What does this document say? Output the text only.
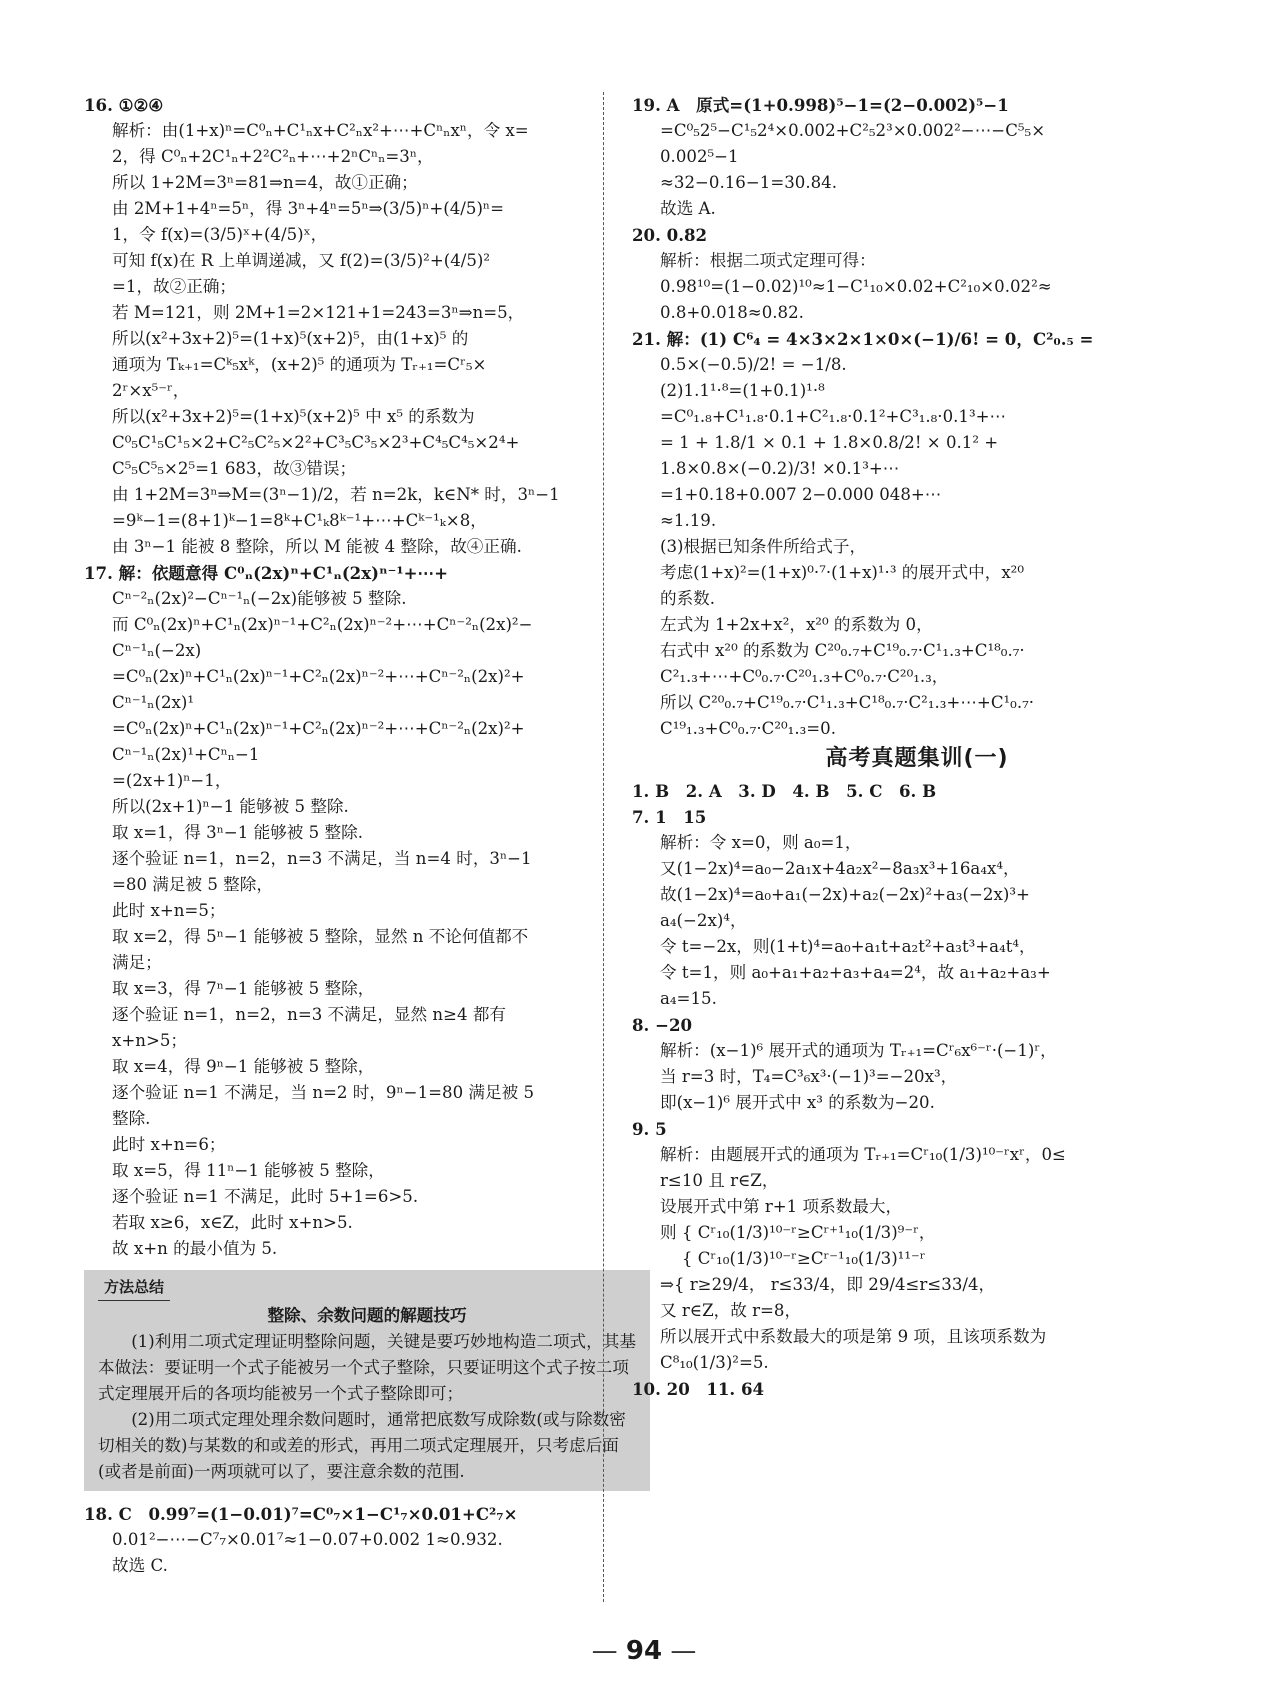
16. ①②④
解析：由(1+x)ⁿ=C⁰ₙ+C¹ₙx+C²ₙx²+⋯+Cⁿₙxⁿ，令 x=
2，得 C⁰ₙ+2C¹ₙ+2²C²ₙ+⋯+2ⁿCⁿₙ=3ⁿ，
所以 1+2M=3ⁿ=81⇒n=4，故①正确；
由 2M+1+4ⁿ=5ⁿ，得 3ⁿ+4ⁿ=5ⁿ⇒(3/5)ⁿ+(4/5)ⁿ=
1，令 f(x)=(3/5)ˣ+(4/5)ˣ，
可知 f(x)在 R 上单调递减，又 f(2)=(3/5)²+(4/5)²
=1，故②正确；
若 M=121，则 2M+1=2×121+1=243=3ⁿ⇒n=5，
所以(x²+3x+2)⁵=(1+x)⁵(x+2)⁵，由(1+x)⁵ 的
通项为 Tₖ₊₁=Cᵏ₅xᵏ，(x+2)⁵ 的通项为 Tᵣ₊₁=Cʳ₅×
2ʳ×x⁵⁻ʳ，
所以(x²+3x+2)⁵=(1+x)⁵(x+2)⁵ 中 x⁵ 的系数为
C⁰₅C¹₅C¹₅×2+C²₅C²₅×2²+C³₅C³₅×2³+C⁴₅C⁴₅×2⁴+
C⁵₅C⁵₅×2⁵=1 683，故③错误；
由 1+2M=3ⁿ⇒M=(3ⁿ−1)/2，若 n=2k，k∈N* 时，3ⁿ−1
=9ᵏ−1=(8+1)ᵏ−1=8ᵏ+C¹ₖ8ᵏ⁻¹+⋯+Cᵏ⁻¹ₖ×8，
由 3ⁿ−1 能被 8 整除，所以 M 能被 4 整除，故④正确.
17. 解：依题意得 C⁰ₙ(2x)ⁿ+C¹ₙ(2x)ⁿ⁻¹+⋯+
Cⁿ⁻²ₙ(2x)²−Cⁿ⁻¹ₙ(−2x)能够被 5 整除.
而 C⁰ₙ(2x)ⁿ+C¹ₙ(2x)ⁿ⁻¹+C²ₙ(2x)ⁿ⁻²+⋯+Cⁿ⁻²ₙ(2x)²−
Cⁿ⁻¹ₙ(−2x)
=C⁰ₙ(2x)ⁿ+C¹ₙ(2x)ⁿ⁻¹+C²ₙ(2x)ⁿ⁻²+⋯+Cⁿ⁻²ₙ(2x)²+
Cⁿ⁻¹ₙ(2x)¹
=C⁰ₙ(2x)ⁿ+C¹ₙ(2x)ⁿ⁻¹+C²ₙ(2x)ⁿ⁻²+⋯+Cⁿ⁻²ₙ(2x)²+
Cⁿ⁻¹ₙ(2x)¹+Cⁿₙ−1
=(2x+1)ⁿ−1，
所以(2x+1)ⁿ−1 能够被 5 整除.
取 x=1，得 3ⁿ−1 能够被 5 整除.
逐个验证 n=1，n=2，n=3 不满足，当 n=4 时，3ⁿ−1
=80 满足被 5 整除，
此时 x+n=5；
取 x=2，得 5ⁿ−1 能够被 5 整除，显然 n 不论何值都不
满足；
取 x=3，得 7ⁿ−1 能够被 5 整除，
逐个验证 n=1，n=2，n=3 不满足，显然 n≥4 都有
x+n>5；
取 x=4，得 9ⁿ−1 能够被 5 整除，
逐个验证 n=1 不满足，当 n=2 时，9ⁿ−1=80 满足被 5
整除.
此时 x+n=6；
取 x=5，得 11ⁿ−1 能够被 5 整除，
逐个验证 n=1 不满足，此时 5+1=6>5.
若取 x≥6，x∈Z，此时 x+n>5.
故 x+n 的最小值为 5.
方法总结
整除、余数问题的解题技巧

(1)利用二项式定理证明整除问题，关键是要巧妙地构造二项式，其基本做法：要证明一个式子能被另一个式子整除，只要证明这个式子按二项式定理展开后的各项均能被另一个式子整除即可；

(2)用二项式定理处理余数问题时，通常把底数写成除数(或与除数密切相关的数)与某数的和或差的形式，再用二项式定理展开，只考虑后面(或者是前面)一两项就可以了，要注意余数的范围.

18. C　0.99⁷=(1−0.01)⁷=C⁰₇×1−C¹₇×0.01+C²₇×
0.01²−⋯−C⁷₇×0.01⁷≈1−0.07+0.002 1≈0.932.
故选 C.
19. A　原式=(1+0.998)⁵−1=(2−0.002)⁵−1
=C⁰₅2⁵−C¹₅2⁴×0.002+C²₅2³×0.002²−⋯−C⁵₅×
0.002⁵−1
≈32−0.16−1=30.84.
故选 A.
20. 0.82
解析：根据二项式定理可得：
0.98¹⁰=(1−0.02)¹⁰≈1−C¹₁₀×0.02+C²₁₀×0.02²≈
0.8+0.018≈0.82.
21. 解：(1) C⁶₄ = 4×3×2×1×0×(−1)/6! = 0，C²₀.₅ =
0.5×(−0.5)/2! = −1/8.
(2)1.1¹·⁸=(1+0.1)¹·⁸
=C⁰₁.₈+C¹₁.₈·0.1+C²₁.₈·0.1²+C³₁.₈·0.1³+⋯
= 1 + 1.8/1 × 0.1 + 1.8×0.8/2! × 0.1² +
1.8×0.8×(−0.2)/3! ×0.1³+⋯
=1+0.18+0.007 2−0.000 048+⋯
≈1.19.
(3)根据已知条件所给式子，
考虑(1+x)²=(1+x)⁰·⁷·(1+x)¹·³ 的展开式中，x²⁰
的系数.
左式为 1+2x+x²，x²⁰ 的系数为 0，
右式中 x²⁰ 的系数为 C²⁰₀.₇+C¹⁹₀.₇·C¹₁.₃+C¹⁸₀.₇·
C²₁.₃+⋯+C⁰₀.₇·C²⁰₁.₃+C⁰₀.₇·C²⁰₁.₃，
所以 C²⁰₀.₇+C¹⁹₀.₇·C¹₁.₃+C¹⁸₀.₇·C²₁.₃+⋯+C¹₀.₇·
C¹⁹₁.₃+C⁰₀.₇·C²⁰₁.₃=0.
高考真题集训(一)
1. B　2. A　3. D　4. B　5. C　6. B
7. 1　15
解析：令 x=0，则 a₀=1，
又(1−2x)⁴=a₀−2a₁x+4a₂x²−8a₃x³+16a₄x⁴，
故(1−2x)⁴=a₀+a₁(−2x)+a₂(−2x)²+a₃(−2x)³+
a₄(−2x)⁴，
令 t=−2x，则(1+t)⁴=a₀+a₁t+a₂t²+a₃t³+a₄t⁴，
令 t=1，则 a₀+a₁+a₂+a₃+a₄=2⁴，故 a₁+a₂+a₃+
a₄=15.
8. −20
解析：(x−1)⁶ 展开式的通项为 Tᵣ₊₁=Cʳ₆x⁶⁻ʳ·(−1)ʳ，
当 r=3 时，T₄=C³₆x³·(−1)³=−20x³，
即(x−1)⁶ 展开式中 x³ 的系数为−20.
9. 5
解析：由题展开式的通项为 Tᵣ₊₁=Cʳ₁₀(1/3)¹⁰⁻ʳxʳ，0≤
r≤10 且 r∈Z，
设展开式中第 r+1 项系数最大，
则 { Cʳ₁₀(1/3)¹⁰⁻ʳ≥Cʳ⁺¹₁₀(1/3)⁹⁻ʳ，
　 { Cʳ₁₀(1/3)¹⁰⁻ʳ≥Cʳ⁻¹₁₀(1/3)¹¹⁻ʳ
⇒{ r≥29/4， r≤33/4，即 29/4≤r≤33/4，
又 r∈Z，故 r=8，
所以展开式中系数最大的项是第 9 项，且该项系数为
C⁸₁₀(1/3)²=5.
10. 20　11. 64
— 94 —
